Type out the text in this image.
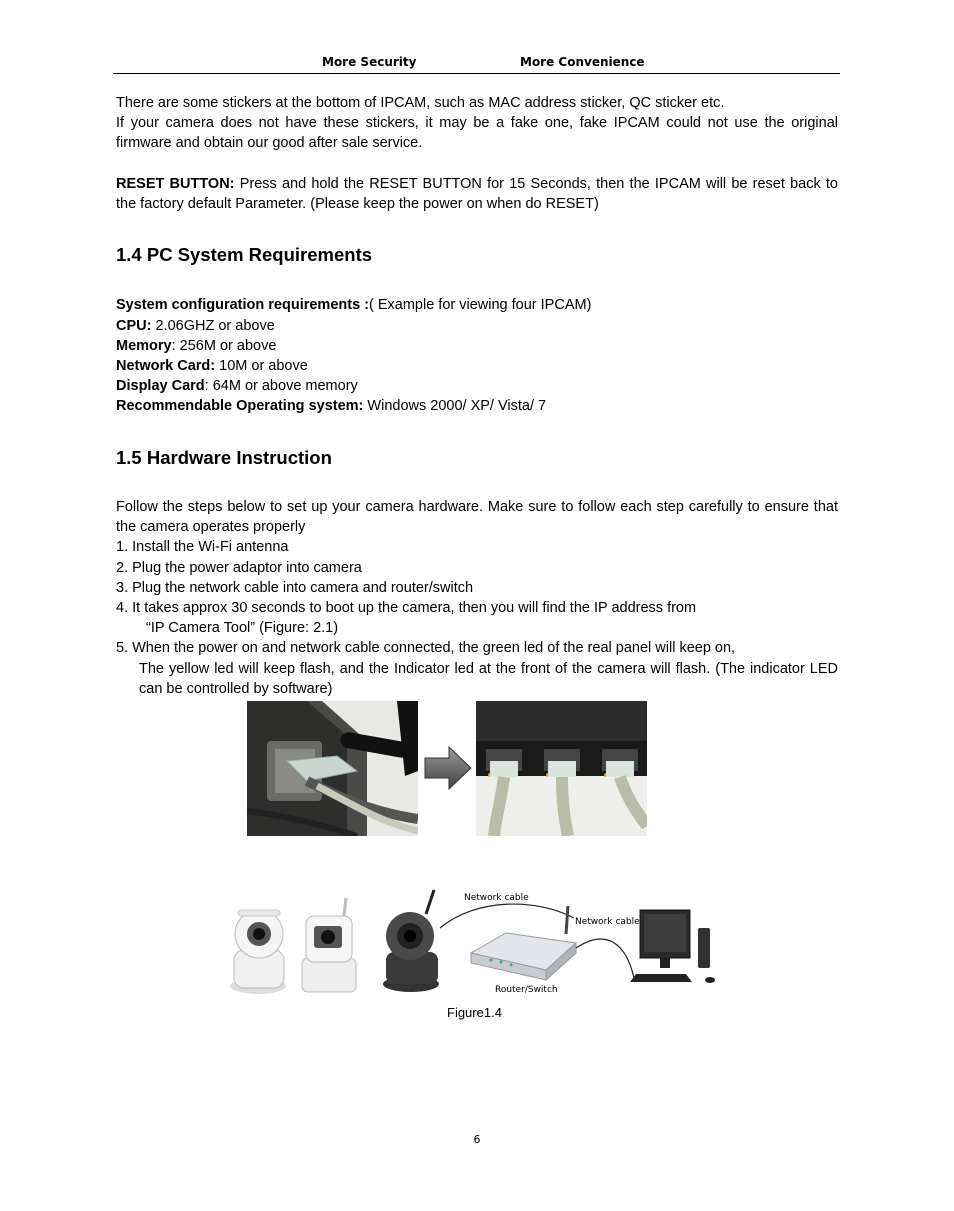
More Security	More Convenience
There are some stickers at the bottom of IPCAM, such as MAC address sticker, QC sticker etc.
If your camera does not have these stickers, it may be a fake one, fake IPCAM could not use the original
firmware and obtain our good after sale service.
RESET BUTTON: Press and hold the RESET BUTTON for 15 Seconds, then the IPCAM will be reset back to
the factory default Parameter. (Please keep the power on when do RESET)
1.4 PC System Requirements
System configuration requirements :( Example for viewing four IPCAM)
CPU: 2.06GHZ or above
Memory: 256M or above
Network Card: 10M or above
Display Card: 64M or above memory
Recommendable Operating system: Windows 2000/ XP/ Vista/ 7
1.5 Hardware Instruction
Follow the steps below to set up your camera hardware. Make sure to follow each step carefully to ensure that
the camera operates properly
1. Install the Wi-Fi antenna
2. Plug the power adaptor into camera
3. Plug the network cable into camera and router/switch
4. It takes approx 30 seconds to boot up the camera, then you will find the IP address from
“IP Camera Tool” (Figure: 2.1)
5. When the power on and network cable connected, the green led of the real panel will keep on,
The yellow led will keep flash, and the Indicator led at the front of the camera will flash. (The indicator LED
can be controlled by software)
Network cable
Network cable
Router/Switch
Figure1.4
6
